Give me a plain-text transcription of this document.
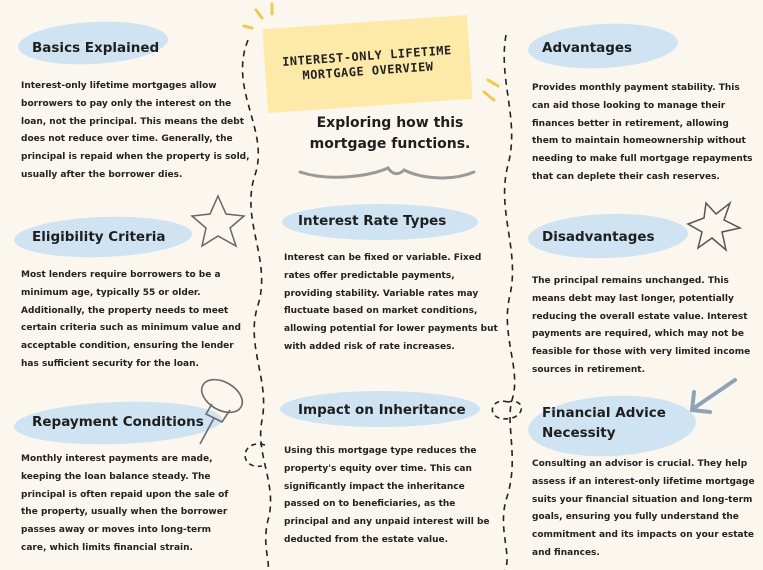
INTEREST-ONLY LIFETIME
MORTGAGE OVERVIEW
Exploring how this mortgage functions.
Basics Explained

Interest-only lifetime mortgages allow borrowers to pay only the interest on the loan, not the principal. This means the debt does not reduce over time. Generally, the principal is repaid when the property is sold, usually after the borrower dies.

Eligibility Criteria

Most lenders require borrowers to be a minimum age, typically 55 or older. Additionally, the property needs to meet certain criteria such as minimum value and acceptable condition, ensuring the lender has sufficient security for the loan.

Repayment Conditions

Monthly interest payments are made, keeping the loan balance steady. The principal is often repaid upon the sale of the property, usually when the borrower passes away or moves into long-term care, which limits financial strain.

Interest Rate Types

Interest can be fixed or variable. Fixed rates offer predictable payments, providing stability. Variable rates may fluctuate based on market conditions, allowing potential for lower payments but with added risk of rate increases.

Impact on Inheritance

Using this mortgage type reduces the property's equity over time. This can significantly impact the inheritance passed on to beneficiaries, as the principal and any unpaid interest will be deducted from the estate value.

Advantages

Provides monthly payment stability. This can aid those looking to manage their finances better in retirement, allowing them to maintain homeownership without needing to make full mortgage repayments that can deplete their cash reserves.

Disadvantages

The principal remains unchanged. This means debt may last longer, potentially reducing the overall estate value. Interest payments are required, which may not be feasible for those with very limited income sources in retirement.

Financial Advice Necessity

Consulting an advisor is crucial. They help assess if an interest-only lifetime mortgage suits your financial situation and long-term goals, ensuring you fully understand the commitment and its impacts on your estate and finances.
